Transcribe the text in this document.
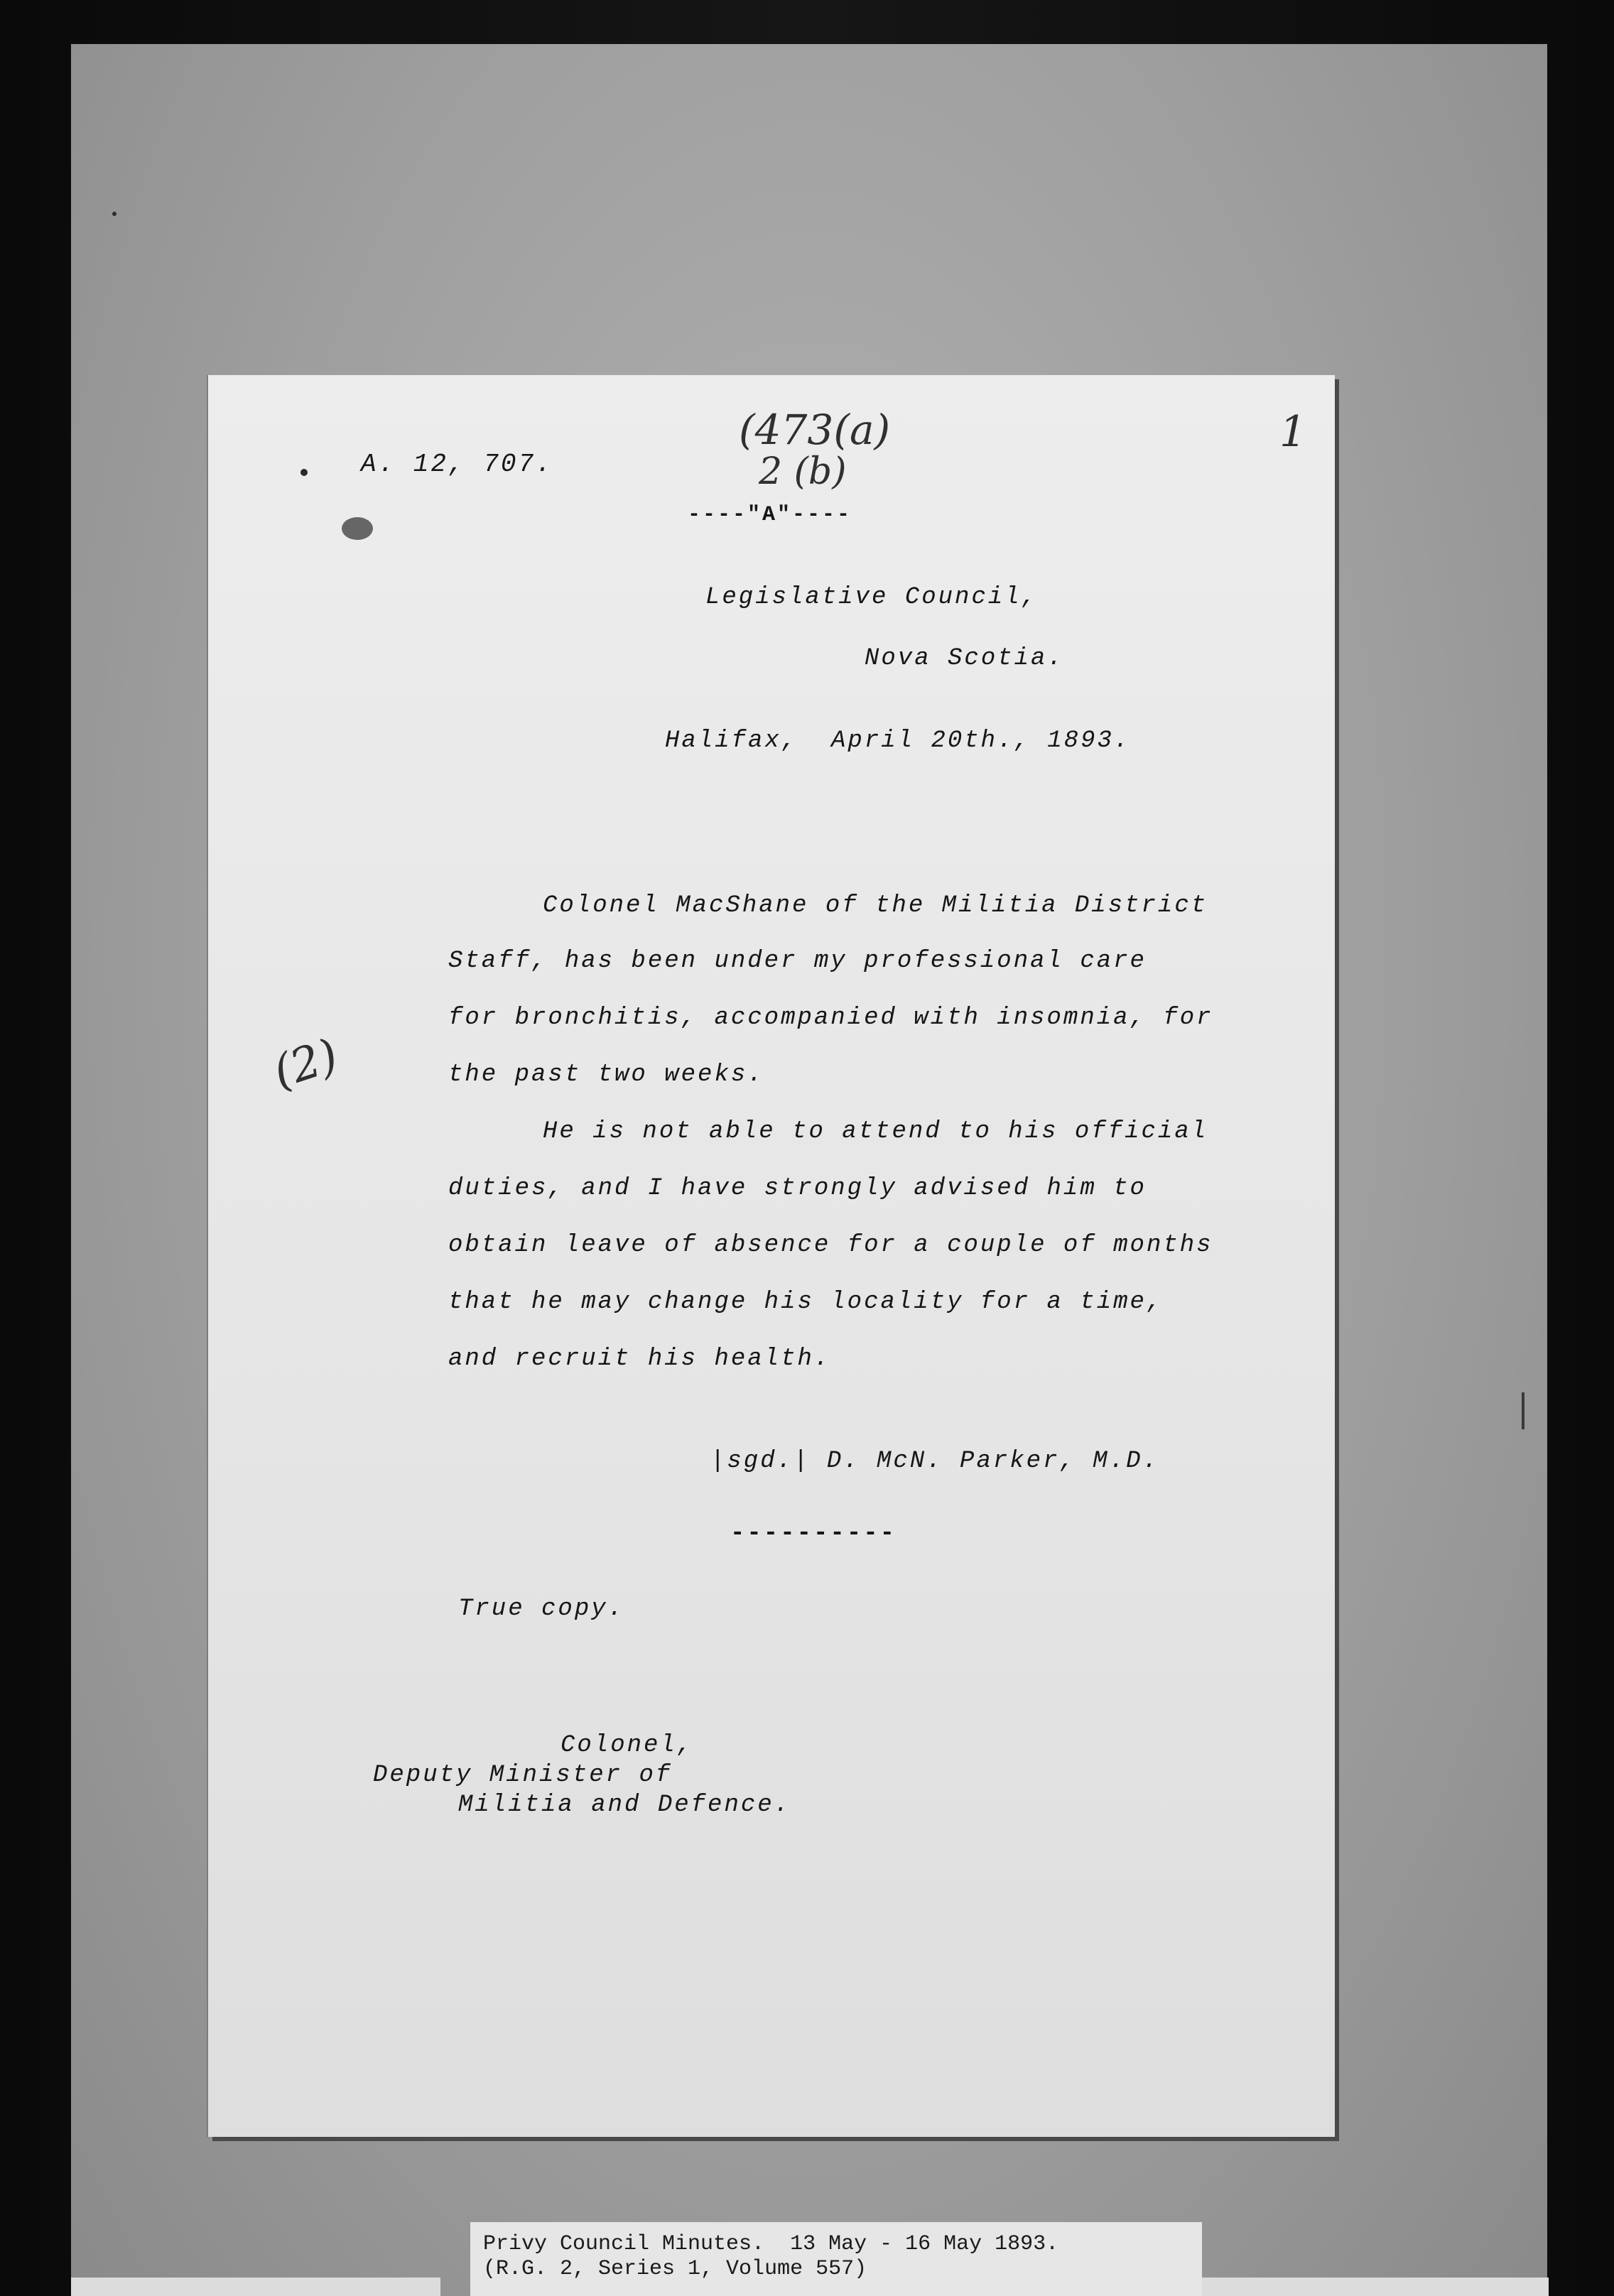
A. 12, 707.
(473(a)
2 (b)
1
(2)
----"A"----
Legislative Council,
Nova Scotia.
Halifax,  April 20th., 1893.
Colonel MacShane of the Militia District
Staff, has been under my professional care
for bronchitis, accompanied with insomnia, for
the past two weeks.
He is not able to attend to his official
duties, and I have strongly advised him to
obtain leave of absence for a couple of months
that he may change his locality for a time,
and recruit his health.
|sgd.| D. McN. Parker, M.D.
----------
True copy.
Colonel,
Deputy Minister of
Militia and Defence.
Privy Council Minutes.  13 May - 16 May 1893.
(R.G. 2, Series 1, Volume 557)
